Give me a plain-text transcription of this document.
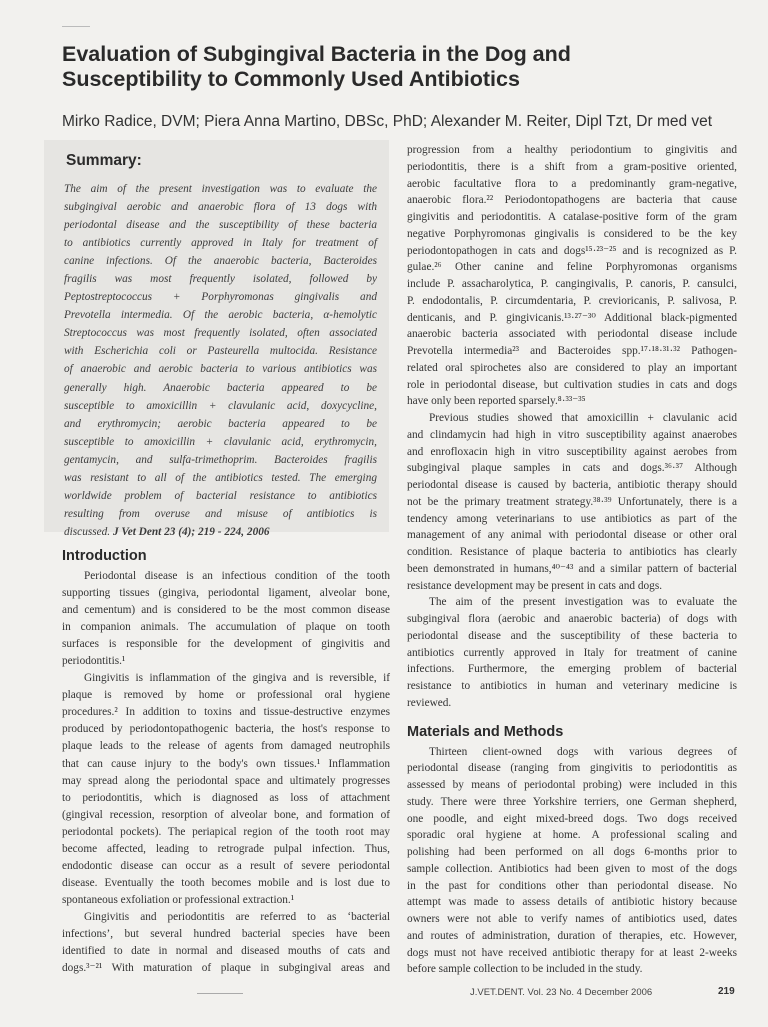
Evaluation of Subgingival Bacteria in the Dog and
Susceptibility to Commonly Used Antibiotics
Mirko Radice, DVM; Piera Anna Martino, DBSc, PhD; Alexander M. Reiter, Dipl Tzt, Dr med vet
Summary:
The aim of the present investigation was to evaluate the
subgingival aerobic and anaerobic flora of 13 dogs with
periodontal disease and the susceptibility of these bacteria
to antibiotics currently approved in Italy for treatment of
canine infections. Of the anaerobic bacteria, Bacteroides
fragilis was most frequently isolated, followed by
Peptostreptococcus + Porphyromonas gingivalis and
Prevotella intermedia. Of the aerobic bacteria, α-hemolytic
Streptococcus was most frequently isolated, often associated
with Escherichia coli or Pasteurella multocida. Resistance
of anaerobic and aerobic bacteria to various antibiotics was
generally high. Anaerobic bacteria appeared to be
susceptible to amoxicillin + clavulanic acid, doxycycline,
and erythromycin; aerobic bacteria appeared to be
susceptible to amoxicillin + clavulanic acid, erythromycin,
gentamycin, and sulfa-trimethoprim. Bacteroides fragilis
was resistant to all of the antibiotics tested. The emerging
worldwide problem of bacterial resistance to antibiotics
resulting from overuse and misuse of antibiotics is
discussed. J Vet Dent 23 (4); 219 - 224, 2006
Introduction
Periodontal disease is an infectious condition of the tooth
supporting tissues (gingiva, periodontal ligament, alveolar bone,
and cementum) and is considered to be the most common disease
in companion animals. The accumulation of plaque on tooth
surfaces is responsible for the development of gingivitis and
periodontitis.¹
Gingivitis is inflammation of the gingiva and is reversible, if
plaque is removed by home or professional oral hygiene
procedures.² In addition to toxins and tissue-destructive enzymes
produced by periodontopathogenic bacteria, the host's response to
plaque leads to the release of agents from damaged neutrophils
that can cause injury to the body's own tissues.¹ Inflammation
may spread along the periodontal space and ultimately progresses
to periodontitis, which is diagnosed as loss of attachment
(gingival recession, resorption of alveolar bone, and formation of
periodontal pockets). The periapical region of the tooth root may
become affected, leading to retrograde pulpal infection. Thus,
endodontic disease can occur as a result of severe periodontal
disease. Eventually the tooth becomes mobile and is lost due to
spontaneous exfoliation or professional extraction.¹
Gingivitis and periodontitis are referred to as ‘bacterial
infections’, but several hundred bacterial species have been
identified to date in normal and diseased mouths of cats and
dogs.³⁻²¹ With maturation of plaque in subgingival areas and
progression from a healthy periodontium to gingivitis and
periodontitis, there is a shift from a gram-positive oriented,
aerobic facultative flora to a predominantly gram-negative,
anaerobic flora.²² Periodontopathogens are bacteria that cause
gingivitis and periodontitis. A catalase-positive form of the gram
negative Porphyromonas gingivalis is considered to be the key
periodontopathogen in cats and dogs¹⁵·²³⁻²⁵ and is recognized as P.
gulae.²⁶ Other canine and feline Porphyromonas organisms
include P. assacharolytica, P. cangingivalis, P. canoris, P. cansulci,
P. endodontalis, P. circumdentaria, P. crevioricanis, P. salivosa, P.
denticanis, and P. gingivicanis.¹³·²⁷⁻³⁰ Additional black-pigmented
anaerobic bacteria associated with periodontal disease include
Prevotella intermedia²³ and Bacteroides spp.¹⁷·¹⁸·³¹·³² Pathogen-
related oral spirochetes also are considered to play an important
role in periodontal disease, but cultivation studies in cats and dogs
have only been reported sparsely.⁸·³³⁻³⁵
Previous studies showed that amoxicillin + clavulanic acid
and clindamycin had high in vitro susceptibility against anaerobes
and enrofloxacin high in vitro susceptibility against aerobes from
subgingival plaque samples in cats and dogs.³⁶·³⁷ Although
periodontal disease is caused by bacteria, antibiotic therapy should
not be the primary treatment strategy.³⁸·³⁹ Unfortunately, there is a
tendency among veterinarians to use antibiotics as part of the
management of any animal with periodontal disease or other oral
condition. Resistance of plaque bacteria to antibiotics has clearly
been demonstrated in humans,⁴⁰⁻⁴³ and a similar pattern of bacterial
resistance development may be present in cats and dogs.
The aim of the present investigation was to evaluate the
subgingival flora (aerobic and anaerobic bacteria) of dogs with
periodontal disease and the susceptibility of these bacteria to
antibiotics currently approved in Italy for treatment of canine
infections. Furthermore, the emerging problem of bacterial
resistance to antibiotics in human and veterinary medicine is
reviewed.
Materials and Methods
Thirteen client-owned dogs with various degrees of
periodontal disease (ranging from gingivitis to periodontitis as
assessed by means of periodontal probing) were included in this
study. There were three Yorkshire terriers, one German shepherd,
one poodle, and eight mixed-breed dogs. Two dogs received
sporadic oral hygiene at home. A professional scaling and
polishing had been performed on all dogs 6-months prior to
sample collection. Antibiotics had been given to most of the dogs
in the past for conditions other than periodontal disease. No
attempt was made to assess details of antibiotic history because
owners were not able to verify names of antibiotics used, dates
and routes of administration, duration of therapies, etc. However,
dogs must not have received antibiotic therapy for at least 2-weeks
before sample collection to be included in the study.
J.VET.DENT. Vol. 23 No. 4 December 2006	219
